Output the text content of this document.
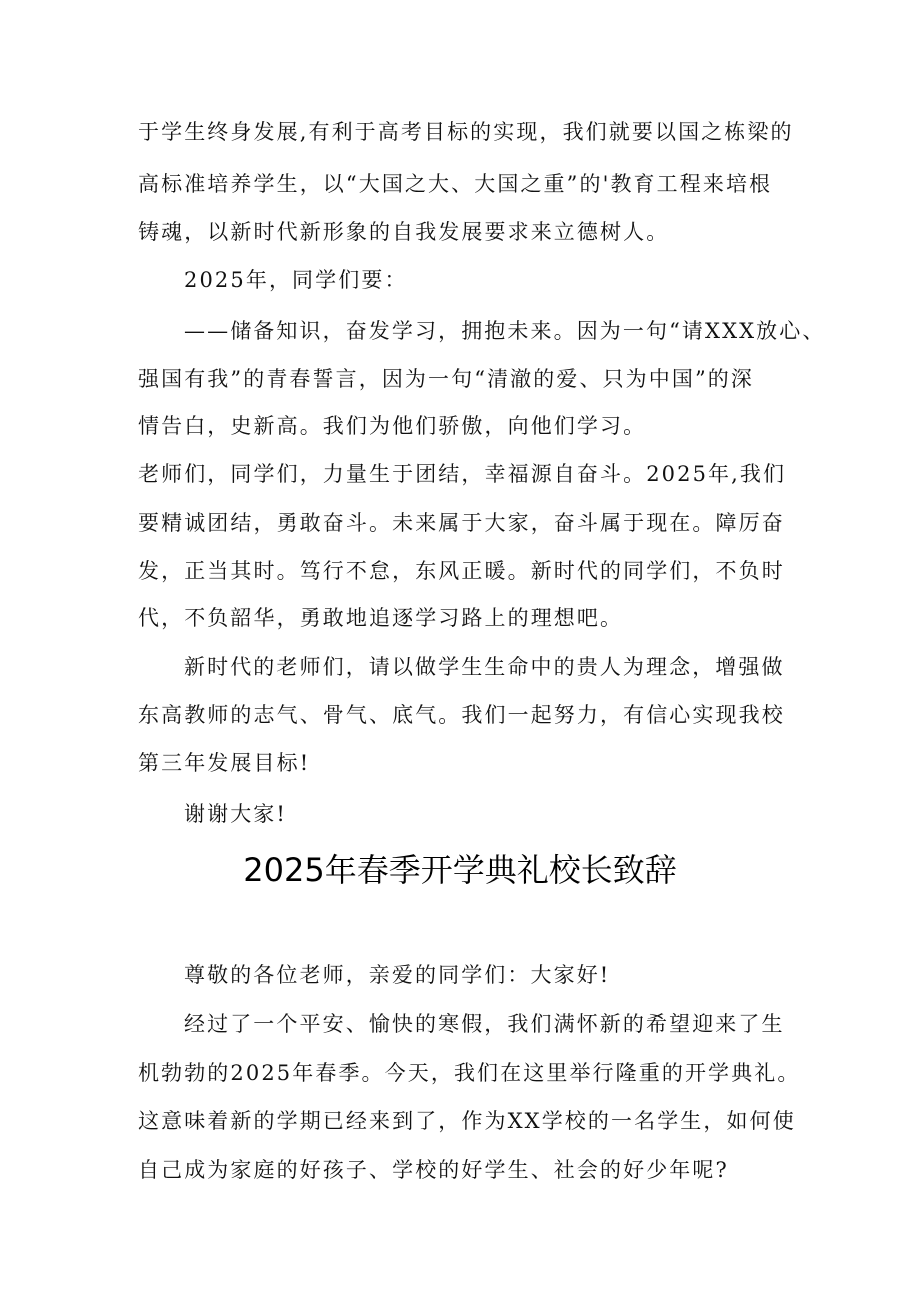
于学生终身发展,有利于高考目标的实现，我们就要以国之栋梁的
高标准培养学生，以“大国之大、大国之重”的'教育工程来培根
铸魂，以新时代新形象的自我发展要求来立德树人。
2025年，同学们要：
——储备知识，奋发学习，拥抱未来。因为一句“请XXX放心、
强国有我”的青春誓言，因为一句“清澈的爱、只为中国”的深
情告白，史新高。我们为他们骄傲，向他们学习。
老师们，同学们，力量生于团结，幸福源自奋斗。2025年,我们
要精诚团结，勇敢奋斗。未来属于大家，奋斗属于现在。障厉奋
发，正当其时。笃行不怠，东风正暖。新时代的同学们，不负时
代，不负韶华，勇敢地追逐学习路上的理想吧。
新时代的老师们，请以做学生生命中的贵人为理念，增强做
东高教师的志气、骨气、底气。我们一起努力，有信心实现我校
第三年发展目标!
谢谢大家!
2025年春季开学典礼校长致辞
尊敬的各位老师，亲爱的同学们：大家好!
经过了一个平安、愉快的寒假，我们满怀新的希望迎来了生
机勃勃的2025年春季。今天，我们在这里举行隆重的开学典礼。
这意味着新的学期已经来到了，作为XX学校的一名学生，如何使
自己成为家庭的好孩子、学校的好学生、社会的好少年呢?
